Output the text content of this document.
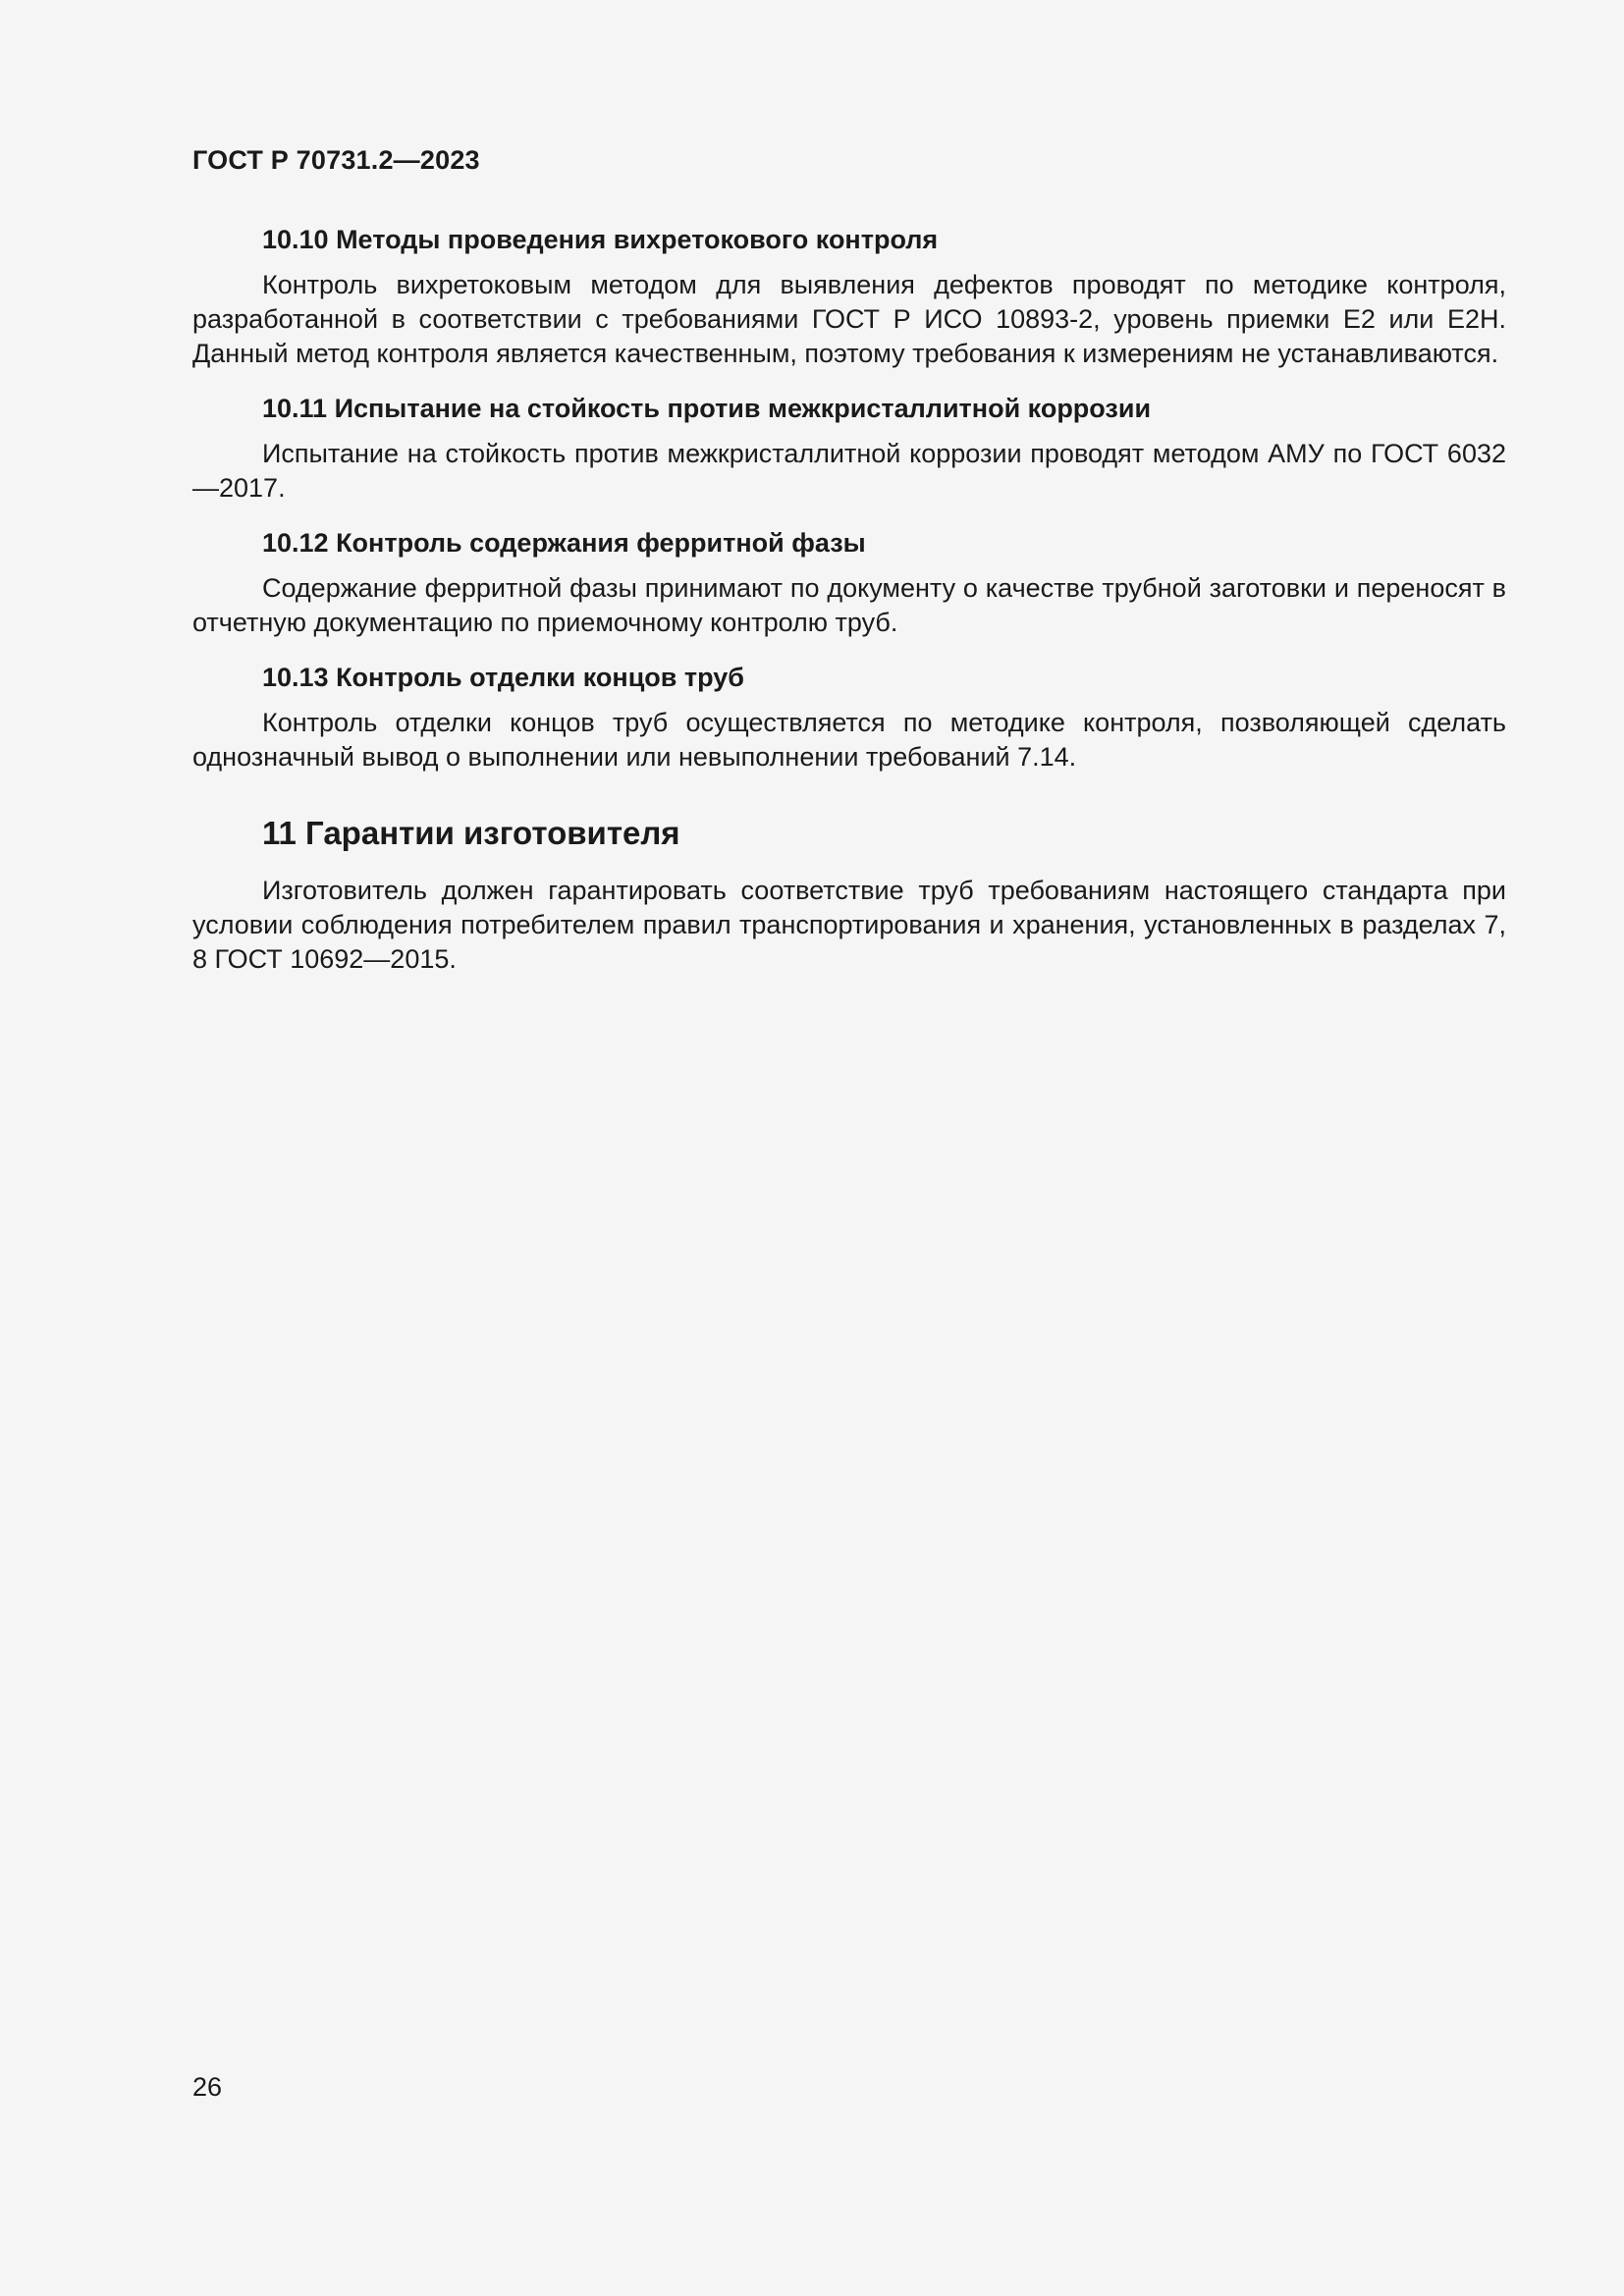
ГОСТ Р 70731.2—2023
10.10 Методы проведения вихретокового контроля
Контроль вихретоковым методом для выявления дефектов проводят по методике контроля, разработанной в соответствии с требованиями ГОСТ Р ИСО 10893-2, уровень приемки Е2 или Е2Н. Данный метод контроля является качественным, поэтому требования к измерениям не устанавливаются.
10.11 Испытание на стойкость против межкристаллитной коррозии
Испытание на стойкость против межкристаллитной коррозии проводят методом АМУ по ГОСТ 6032—2017.
10.12 Контроль содержания ферритной фазы
Содержание ферритной фазы принимают по документу о качестве трубной заготовки и переносят в отчетную документацию по приемочному контролю труб.
10.13 Контроль отделки концов труб
Контроль отделки концов труб осуществляется по методике контроля, позволяющей сделать однозначный вывод о выполнении или невыполнении требований 7.14.
11 Гарантии изготовителя
Изготовитель должен гарантировать соответствие труб требованиям настоящего стандарта при условии соблюдения потребителем правил транспортирования и хранения, установленных в разделах 7, 8 ГОСТ 10692—2015.
26
